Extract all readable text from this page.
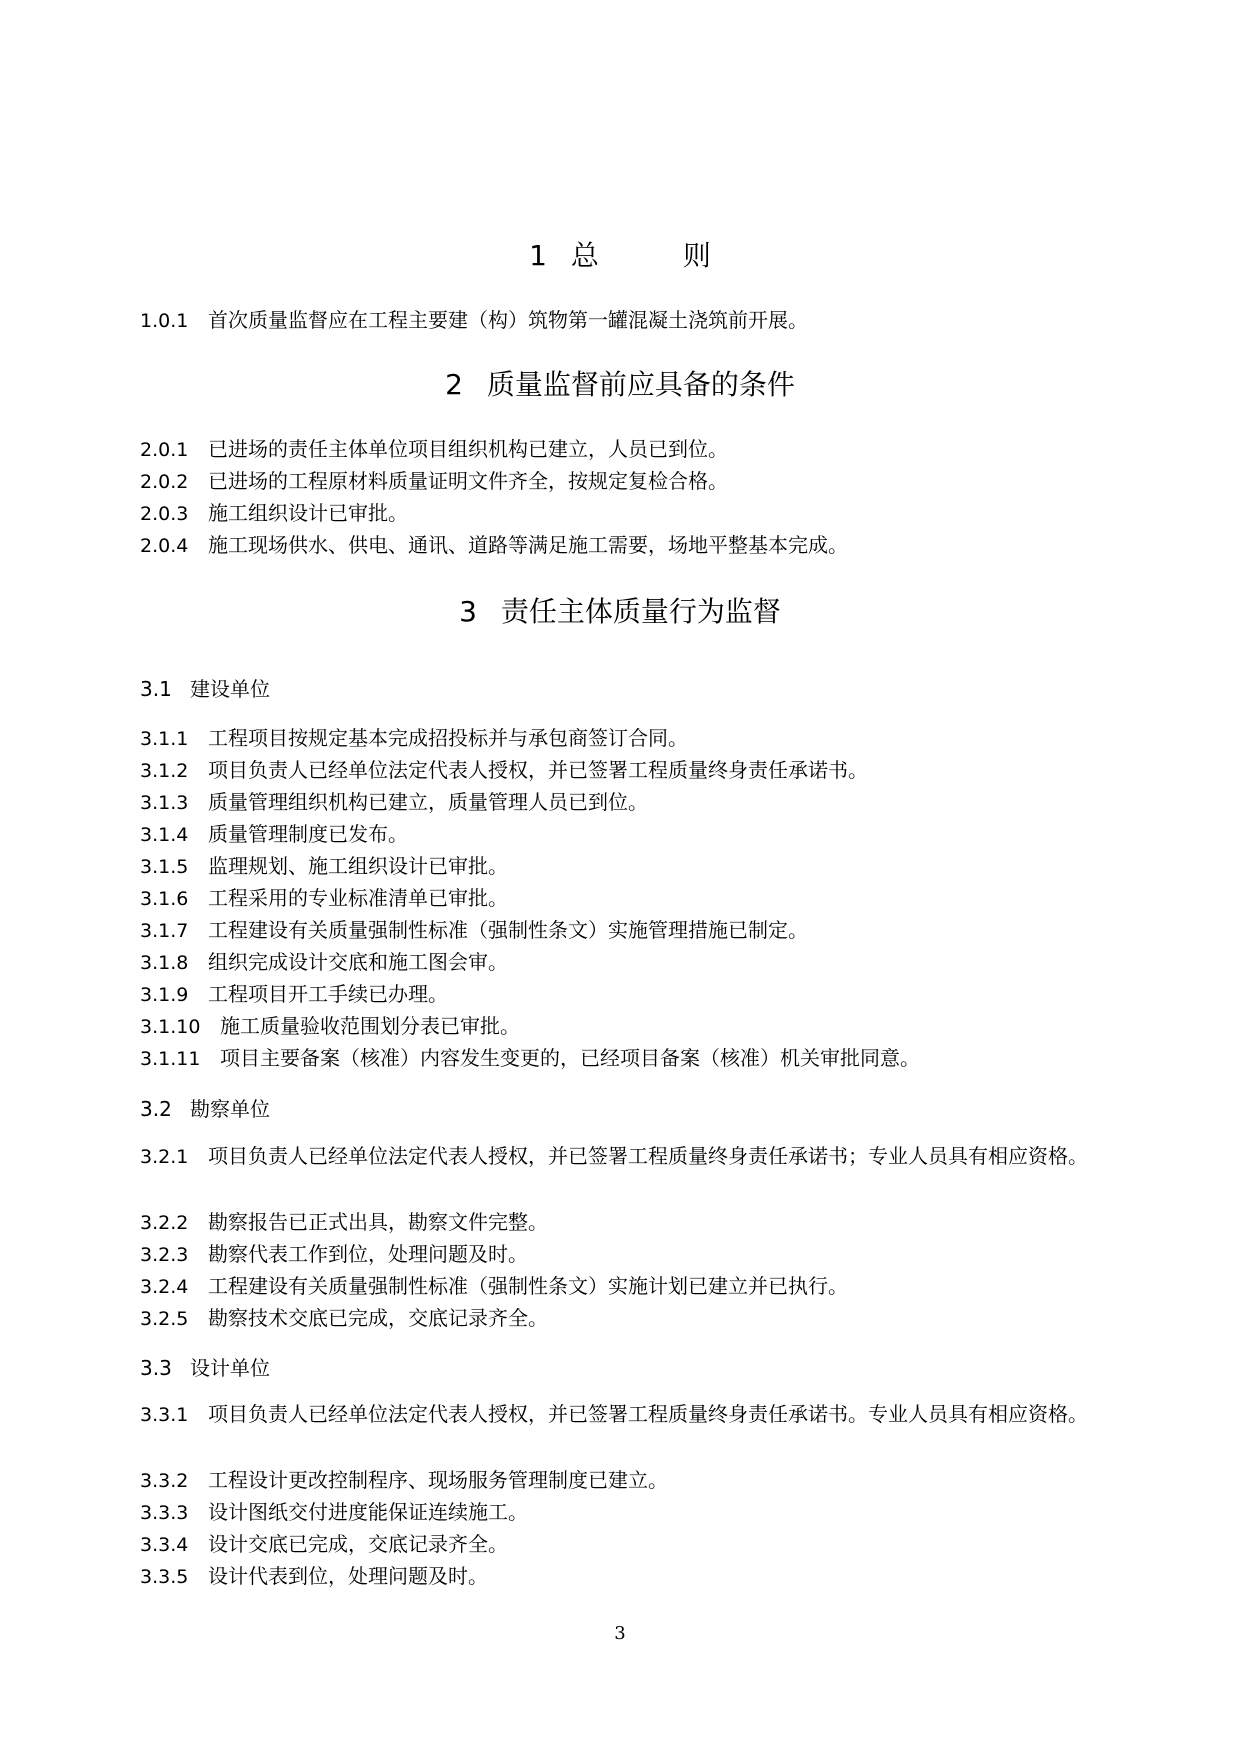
1 总　　　则

1.0.1 首次质量监督应在工程主要建（构）筑物第一罐混凝土浇筑前开展。

2 质量监督前应具备的条件

2.0.1 已进场的责任主体单位项目组织机构已建立，人员已到位。

2.0.2 已进场的工程原材料质量证明文件齐全，按规定复检合格。

2.0.3 施工组织设计已审批。

2.0.4 施工现场供水、供电、通讯、道路等满足施工需要，场地平整基本完成。

3 责任主体质量行为监督
3.1 建设单位

3.1.1 工程项目按规定基本完成招投标并与承包商签订合同。

3.1.2 项目负责人已经单位法定代表人授权，并已签署工程质量终身责任承诺书。

3.1.3 质量管理组织机构已建立，质量管理人员已到位。

3.1.4 质量管理制度已发布。

3.1.5 监理规划、施工组织设计已审批。

3.1.6 工程采用的专业标准清单已审批。

3.1.7 工程建设有关质量强制性标准（强制性条文）实施管理措施已制定。

3.1.8 组织完成设计交底和施工图会审。

3.1.9 工程项目开工手续已办理。

3.1.10 施工质量验收范围划分表已审批。

3.1.11 项目主要备案（核准）内容发生变更的，已经项目备案（核准）机关审批同意。

3.2 勘察单位

3.2.1 项目负责人已经单位法定代表人授权，并已签署工程质量终身责任承诺书；专业人员具有相应资格。

3.2.2 勘察报告已正式出具，勘察文件完整。

3.2.3 勘察代表工作到位，处理问题及时。

3.2.4 工程建设有关质量强制性标准（强制性条文）实施计划已建立并已执行。

3.2.5 勘察技术交底已完成，交底记录齐全。

3.3 设计单位

3.3.1 项目负责人已经单位法定代表人授权，并已签署工程质量终身责任承诺书。专业人员具有相应资格。

3.3.2 工程设计更改控制程序、现场服务管理制度已建立。

3.3.3 设计图纸交付进度能保证连续施工。

3.3.4 设计交底已完成，交底记录齐全。

3.3.5 设计代表到位，处理问题及时。

3
